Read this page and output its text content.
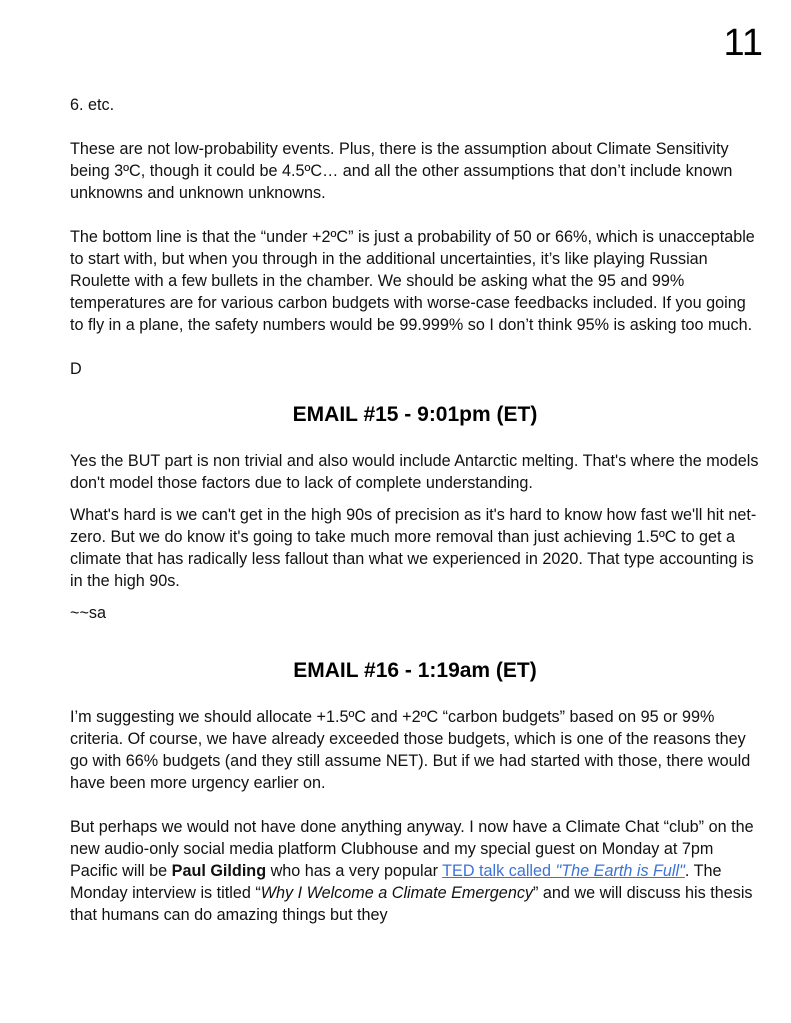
11

6. etc.

These are not low-probability events. Plus, there is the assumption about Climate Sensitivity being 3ºC, though it could be 4.5ºC… and all the other assumptions that don’t include known unknowns and unknown unknowns.

The bottom line is that the “under +2ºC” is just a probability of 50 or 66%, which is unacceptable to start with, but when you through in the additional uncertainties, it’s like playing Russian Roulette with a few bullets in the chamber. We should be asking what the 95 and 99% temperatures are for various carbon budgets with worse-case feedbacks included. If you going to fly in a plane, the safety numbers would be 99.999% so I don’t think 95% is asking too much.

D

EMAIL #15 - 9:01pm (ET)

Yes the BUT part is non trivial and also would include Antarctic melting. That's where the models don't model those factors due to lack of complete understanding.

What's hard is we can't get in the high 90s of precision as it's hard to know how fast we'll hit net-zero. But we do know it's going to take much more removal than just achieving 1.5ºC to get a climate that has radically less fallout than what we experienced in 2020. That type accounting is in the high 90s.

~~sa

EMAIL #16 - 1:19am (ET)

I’m suggesting we should allocate +1.5ºC and +2ºC “carbon budgets” based on 95 or 99% criteria. Of course, we have already exceeded those budgets, which is one of the reasons they go with 66% budgets (and they still assume NET). But if we had started with those, there would have been more urgency earlier on.

But perhaps we would not have done anything anyway. I now have a Climate Chat “club” on the new audio-only social media platform Clubhouse and my special guest on Monday at 7pm Pacific will be Paul Gilding who has a very popular TED talk called "The Earth is Full". The Monday interview is titled “Why I Welcome a Climate Emergency” and we will discuss his thesis that humans can do amazing things but they
